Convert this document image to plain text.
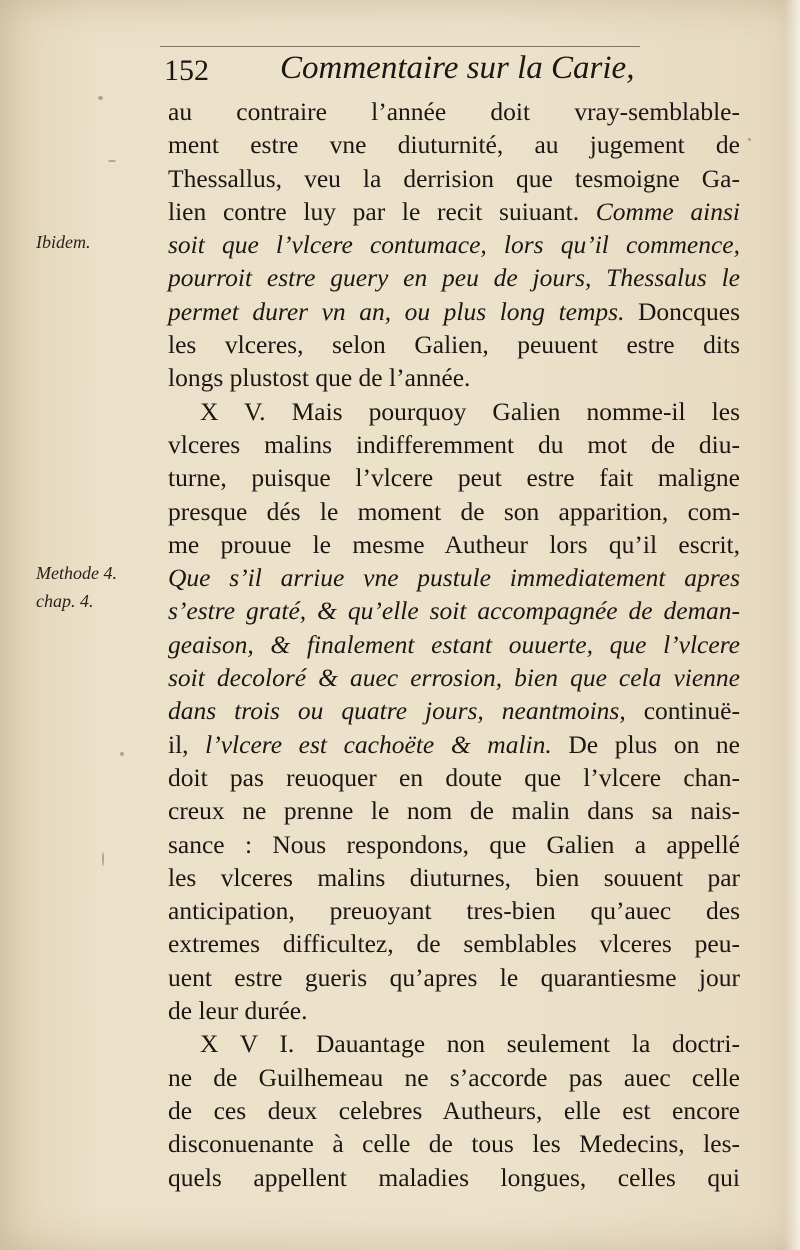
152 Commentaire sur la Carie,
Ibidem.
Methode 4.
chap. 4.
au contraire l’année doit vray-semblable-
ment estre vne diuturnité, au jugement de
Thessallus, veu la derrision que tesmoigne Ga-
lien contre luy par le recit suiuant. Comme ainsi
soit que l’vlcere contumace, lors qu’il commence,
pourroit estre guery en peu de jours, Thessalus le
permet durer vn an, ou plus long temps. Doncques
les vlceres, selon Galien, peuuent estre dits
longs plustost que de l’année.
X V. Mais pourquoy Galien nomme-il les
vlceres malins indifferemment du mot de diu-
turne, puisque l’vlcere peut estre fait maligne
presque dés le moment de son apparition, com-
me prouue le mesme Autheur lors qu’il escrit,
Que s’il arriue vne pustule immediatement apres
s’estre graté, & qu’elle soit accompagnée de deman-
geaison, & finalement estant ouuerte, que l’vlcere
soit decoloré & auec errosion, bien que cela vienne
dans trois ou quatre jours, neantmoins, continuë-
il, l’vlcere est cachoëte & malin. De plus on ne
doit pas reuoquer en doute que l’vlcere chan-
creux ne prenne le nom de malin dans sa nais-
sance : Nous respondons, que Galien a appellé
les vlceres malins diuturnes, bien souuent par
anticipation, preuoyant tres-bien qu’auec des
extremes difficultez, de semblables vlceres peu-
uent estre gueris qu’apres le quarantiesme jour
de leur durée.
X V I. Dauantage non seulement la doctri-
ne de Guilhemeau ne s’accorde pas auec celle
de ces deux celebres Autheurs, elle est encore
disconuenante à celle de tous les Medecins, les-
quels appellent maladies longues, celles qui
